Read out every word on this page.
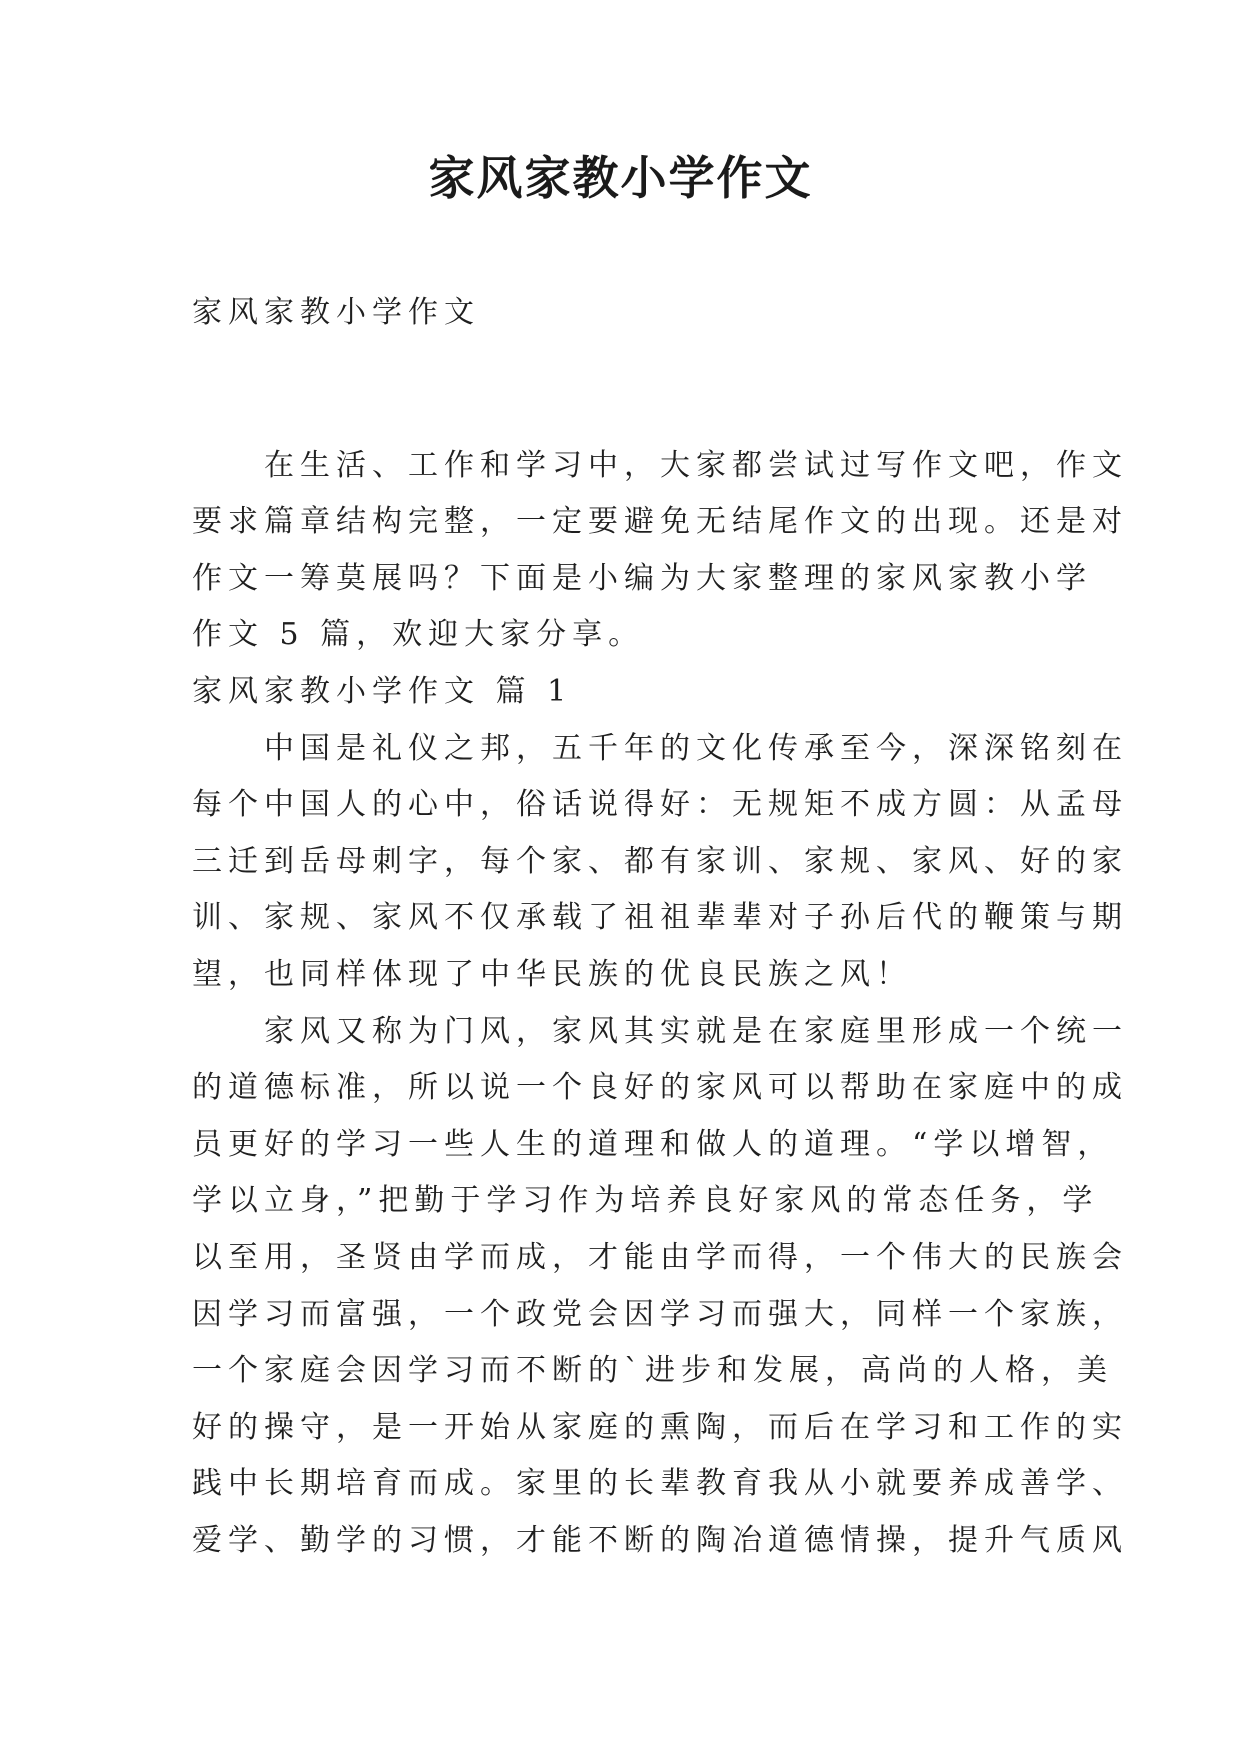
家风家教小学作文
家风家教小学作文
在生活、工作和学习中，大家都尝试过写作文吧，作文
要求篇章结构完整，一定要避免无结尾作文的出现。还是对
作文一筹莫展吗？下面是小编为大家整理的家风家教小学
作文 5 篇，欢迎大家分享。
家风家教小学作文 篇 1
中国是礼仪之邦，五千年的文化传承至今，深深铭刻在
每个中国人的心中，俗话说得好：无规矩不成方圆：从孟母
三迁到岳母刺字，每个家、都有家训、家规、家风、好的家
训、家规、家风不仅承载了祖祖辈辈对子孙后代的鞭策与期
望，也同样体现了中华民族的优良民族之风！
家风又称为门风，家风其实就是在家庭里形成一个统一
的道德标准，所以说一个良好的家风可以帮助在家庭中的成
员更好的学习一些人生的道理和做人的道理。“学以增智，
学以立身，”把勤于学习作为培养良好家风的常态任务，学
以至用，圣贤由学而成，才能由学而得，一个伟大的民族会
因学习而富强，一个政党会因学习而强大，同样一个家族，
一个家庭会因学习而不断的`进步和发展，高尚的人格，美
好的操守，是一开始从家庭的熏陶，而后在学习和工作的实
践中长期培育而成。家里的长辈教育我从小就要养成善学、
爱学、勤学的习惯，才能不断的陶冶道德情操，提升气质风
